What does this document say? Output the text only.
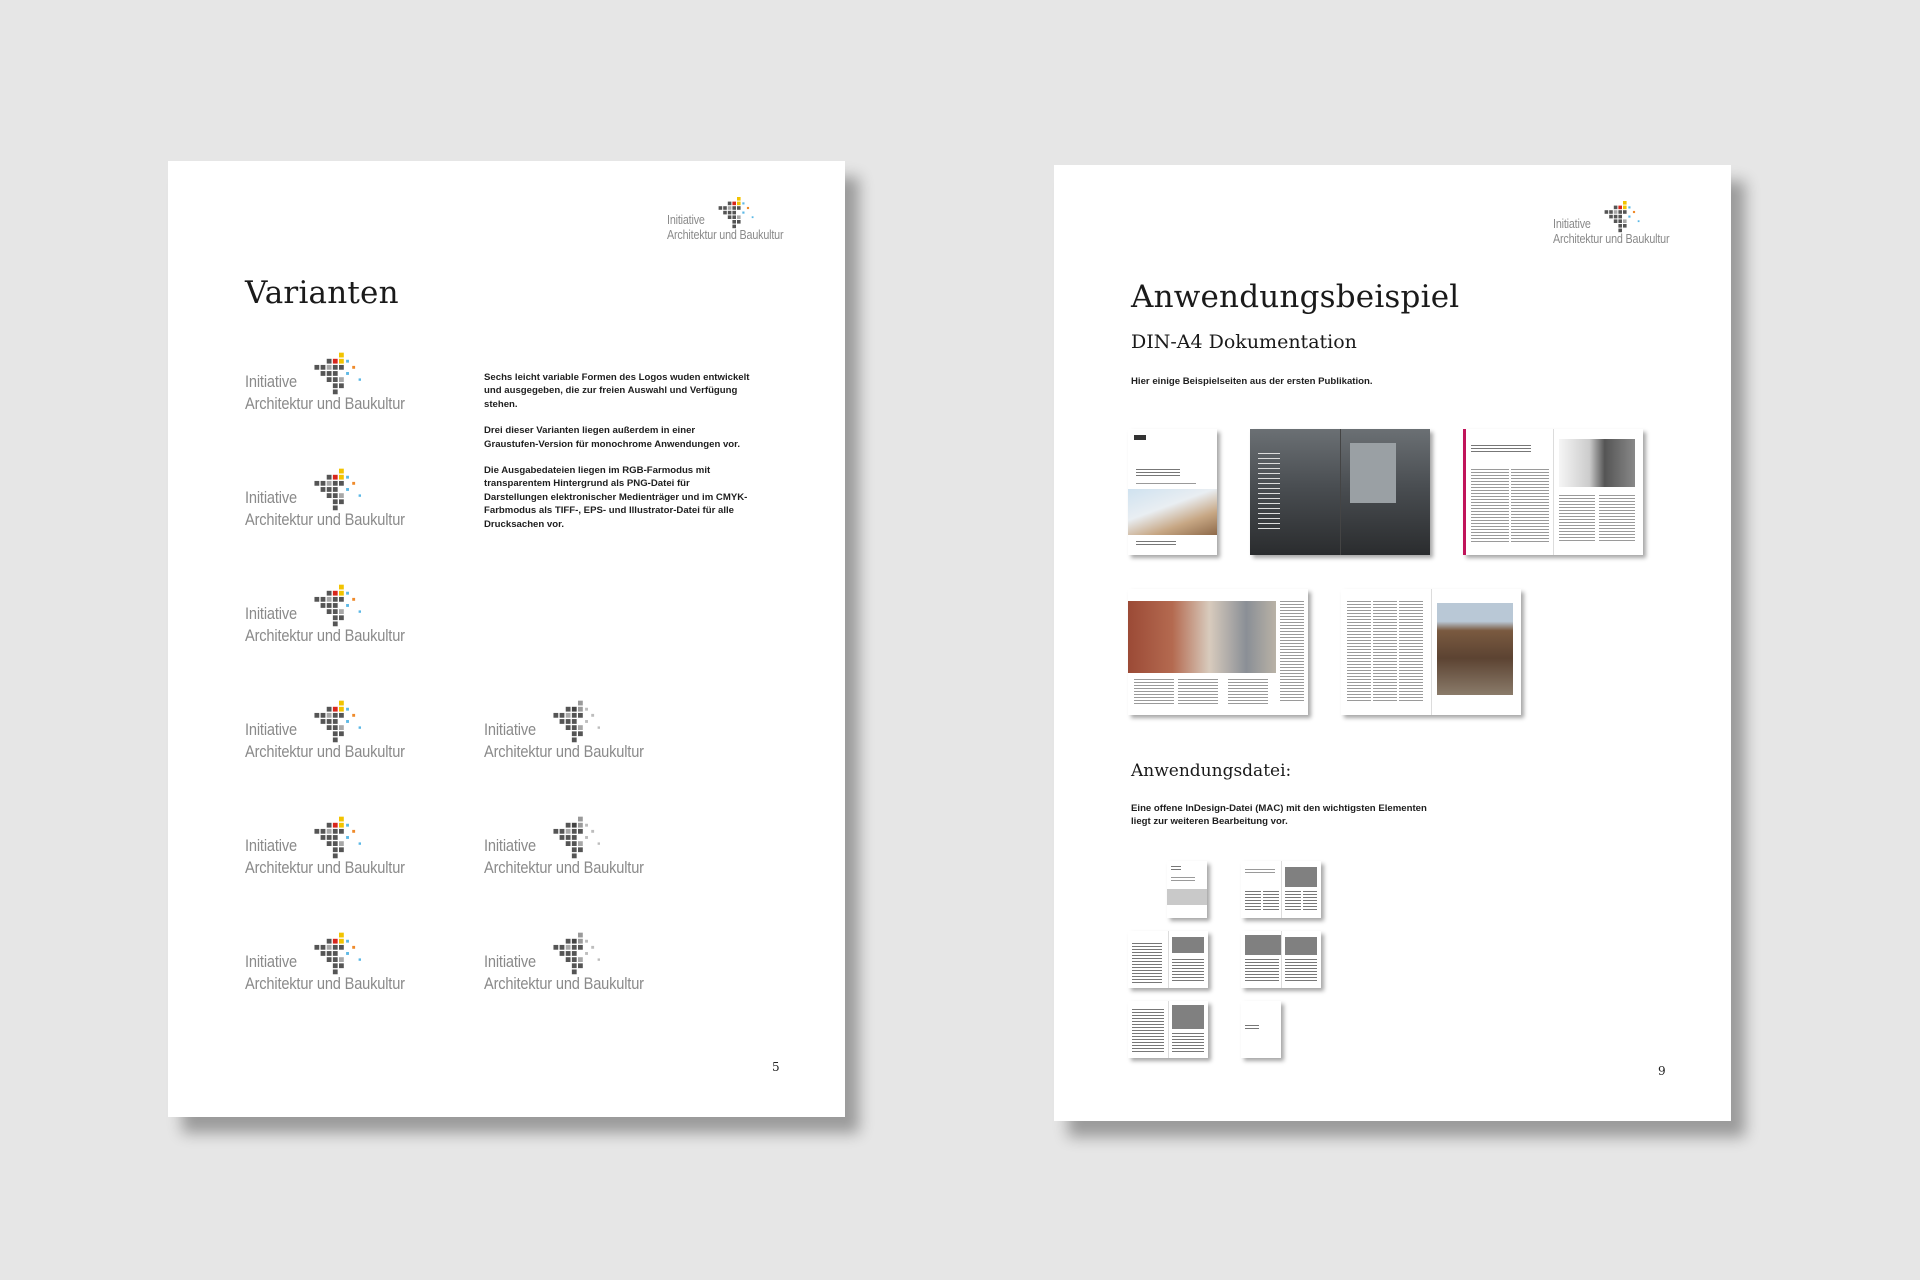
Initiative
Architektur und Baukultur
Varianten
Initiative
Architektur und Baukultur
Initiative
Architektur und Baukultur
Initiative
Architektur und Baukultur
Initiative
Architektur und Baukultur
Initiative
Architektur und Baukultur
Initiative
Architektur und Baukultur
Initiative
Architektur und Baukultur
Initiative
Architektur und Baukultur
Initiative
Architektur und Baukultur

Sechs leicht variable Formen des Logos wuden entwickelt und ausgegeben, die zur freien Auswahl und Verfügung stehen.

Drei dieser Varianten liegen außerdem in einer Graustufen-Version für monochrome Anwendungen vor.

Die Ausgabedateien liegen im RGB-Farmodus mit transparentem Hintergrund als PNG-Datei für Darstellungen elektronischer Medienträger und im CMYK-Farbmodus als TIFF-, EPS- und Illustrator-Datei für alle Drucksachen vor.

5
Initiative
Architektur und Baukultur
Anwendungsbeispiel
DIN-A4 Dokumentation
Hier einige Beispielseiten aus der ersten Publikation.
Anwendungsdatei:
Eine offene InDesign-Datei (MAC) mit den wichtigsten Elementen
liegt zur weiteren Bearbeitung vor.
9
